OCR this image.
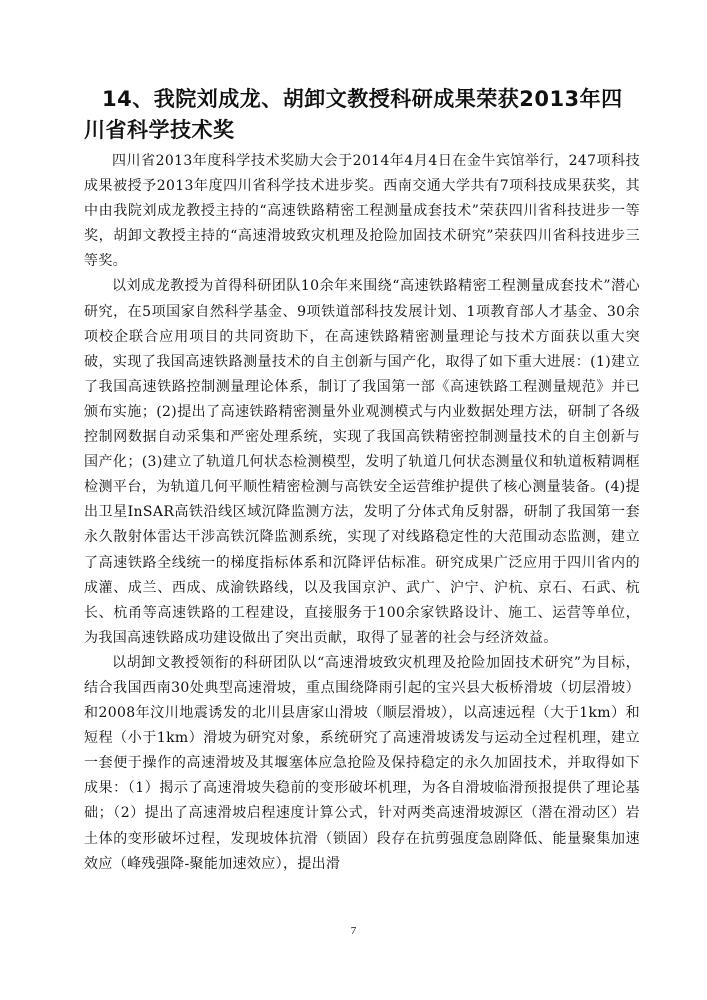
14、我院刘成龙、胡卸文教授科研成果荣获2013年四川省科学技术奖

四川省2013年度科学技术奖励大会于2014年4月4日在金牛宾馆举行，247项科技成果被授予2013年度四川省科学技术进步奖。西南交通大学共有7项科技成果获奖，其中由我院刘成龙教授主持的“高速铁路精密工程测量成套技术”荣获四川省科技进步一等奖，胡卸文教授主持的“高速滑坡致灾机理及抢险加固技术研究”荣获四川省科技进步三等奖。

以刘成龙教授为首得科研团队10余年来围绕“高速铁路精密工程测量成套技术”潜心研究，在5项国家自然科学基金、9项铁道部科技发展计划、1项教育部人才基金、30余项校企联合应用项目的共同资助下，在高速铁路精密测量理论与技术方面获以重大突破，实现了我国高速铁路测量技术的自主创新与国产化，取得了如下重大进展：(1)建立了我国高速铁路控制测量理论体系，制订了我国第一部《高速铁路工程测量规范》并已颁布实施；(2)提出了高速铁路精密测量外业观测模式与内业数据处理方法，研制了各级控制网数据自动采集和严密处理系统，实现了我国高铁精密控制测量技术的自主创新与国产化；(3)建立了轨道几何状态检测模型，发明了轨道几何状态测量仪和轨道板精调框检测平台，为轨道几何平顺性精密检测与高铁安全运营维护提供了核心测量装备。(4)提出卫星InSAR高铁沿线区域沉降监测方法，发明了分体式角反射器，研制了我国第一套永久散射体雷达干涉高铁沉降监测系统，实现了对线路稳定性的大范围动态监测，建立了高速铁路全线统一的梯度指标体系和沉降评估标准。研究成果广泛应用于四川省内的成灌、成兰、西成、成渝铁路线，以及我国京沪、武广、沪宁、沪杭、京石、石武、杭长、杭甬等高速铁路的工程建设，直接服务于100余家铁路设计、施工、运营等单位，为我国高速铁路成功建设做出了突出贡献，取得了显著的社会与经济效益。

以胡卸文教授领衔的科研团队以“高速滑坡致灾机理及抢险加固技术研究”为目标，结合我国西南30处典型高速滑坡，重点围绕降雨引起的宝兴县大板桥滑坡（切层滑坡）和2008年汶川地震诱发的北川县唐家山滑坡（顺层滑坡），以高速远程（大于1km）和短程（小于1km）滑坡为研究对象，系统研究了高速滑坡诱发与运动全过程机理，建立一套便于操作的高速滑坡及其堰塞体应急抢险及保持稳定的永久加固技术，并取得如下成果：（1）揭示了高速滑坡失稳前的变形破坏机理，为各自滑坡临滑预报提供了理论基础；（2）提出了高速滑坡启程速度计算公式，针对两类高速滑坡源区（潜在滑动区）岩土体的变形破坏过程，发现坡体抗滑（锁固）段存在抗剪强度急剧降低、能量聚集加速效应（峰残强降-聚能加速效应），提出滑

7
